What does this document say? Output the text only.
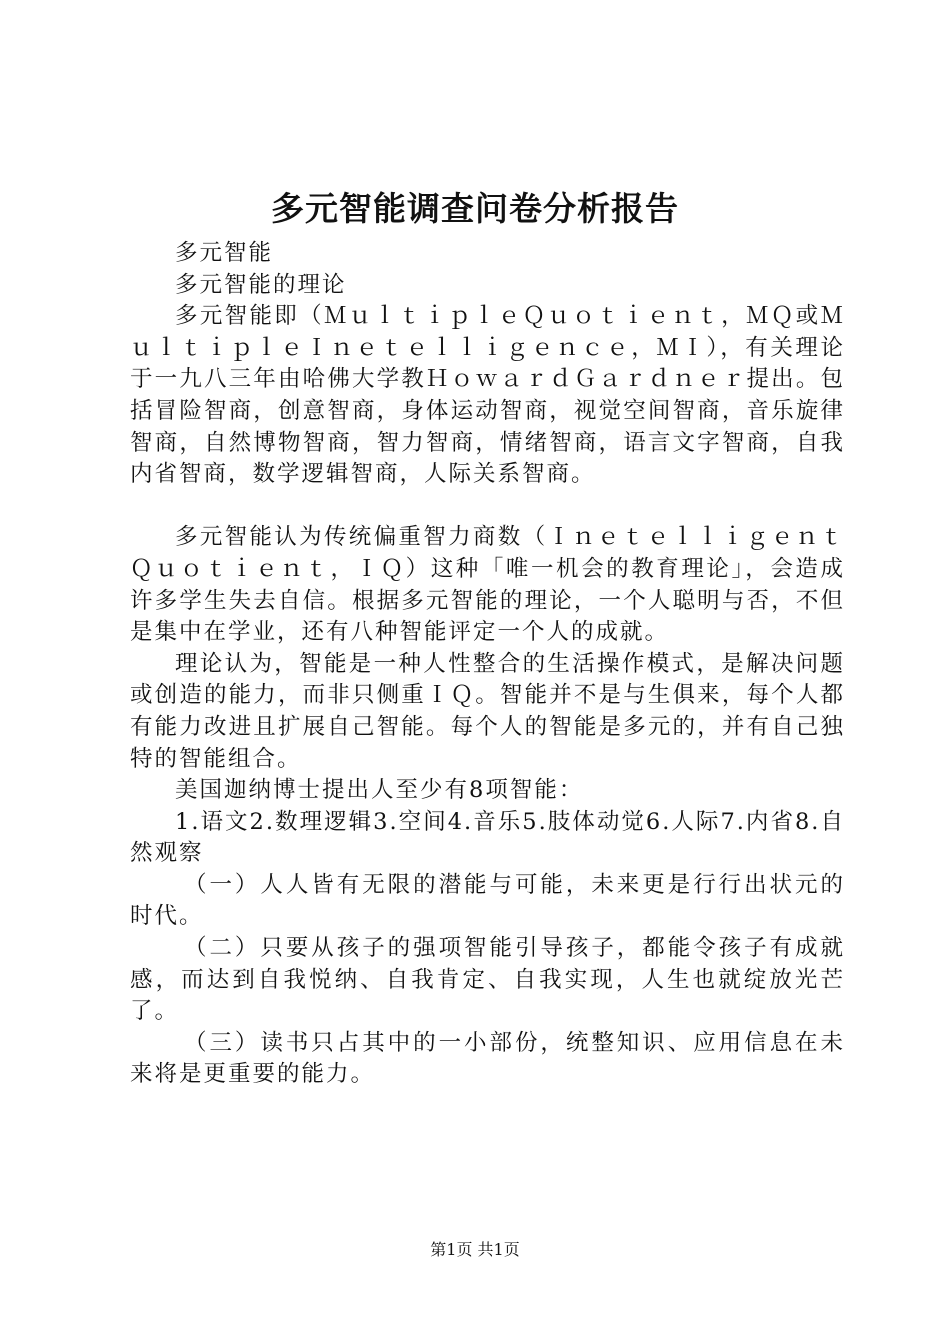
多元智能调查问卷分析报告

多元智能

多元智能的理论

多元智能即（ＭｕｌｔｉｐｌｅＱｕｏｔｉｅｎｔ，ＭＱ或ＭｕｌｔｉｐｌｅＩｎｅｔｅｌｌｉｇｅｎｃｅ，ＭＩ），有关理论于一九八三年由哈佛大学教ＨｏｗａｒｄＧａｒｄｎｅｒ提出。包括冒险智商，创意智商，身体运动智商，视觉空间智商，音乐旋律智商，自然博物智商，智力智商，情绪智商，语言文字智商，自我内省智商，数学逻辑智商，人际关系智商。

多元智能认为传统偏重智力商数（ＩｎｅｔｅｌｌｉｇｅｎｔＱｕｏｔｉｅｎｔ，ＩＱ）这种「唯一机会的教育理论」，会造成许多学生失去自信。根据多元智能的理论，一个人聪明与否，不但是集中在学业，还有八种智能评定一个人的成就。

理论认为，智能是一种人性整合的生活操作模式，是解决问题或创造的能力，而非只侧重ＩＱ。智能并不是与生俱来，每个人都有能力改进且扩展自己智能。每个人的智能是多元的，并有自己独特的智能组合。

美国迦纳博士提出人至少有8项智能：

1.语文2.数理逻辑3.空间4.音乐5.肢体动觉6.人际7.内省8.自然观察

（一）人人皆有无限的潜能与可能，未来更是行行出状元的时代。

（二）只要从孩子的强项智能引导孩子，都能令孩子有成就感，而达到自我悦纳、自我肯定、自我实现，人生也就绽放光芒了。

（三）读书只占其中的一小部份，统整知识、应用信息在未来将是更重要的能力。

第1页 共1页
